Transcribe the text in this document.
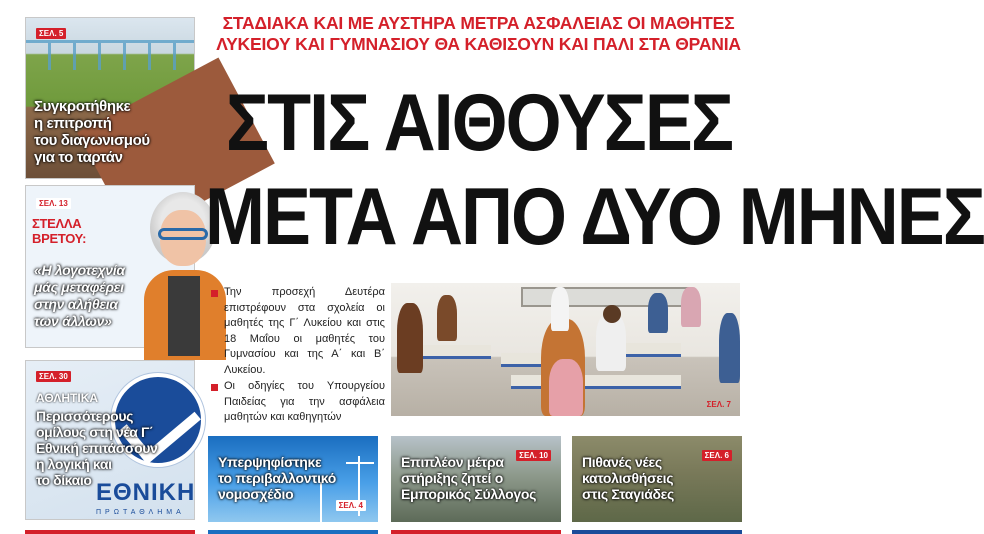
ΣΕΛ. 5
Συγκροτήθηκε
η επιτροπή
του διαγωνισμού
για το ταρτάν
ΣΕΛ. 13
ΣΤΕΛΛΑ
ΒΡΕΤΟΥ:
«Η λογοτεχνία
μάς μεταφέρει
στην αλήθεια
των άλλων»
ΕΘΝΙΚΗ
ΠΡΩΤΑΘΛΗΜΑ
ΣΕΛ. 30
ΑΘΛΗΤΙΚΑ
Περισσότερους
ομίλους στη νέα Γ΄
Εθνική επιτάσσουν
η λογική και
το δίκαιο
ΣΤΑΔΙΑΚΑ ΚΑΙ ΜΕ ΑΥΣΤΗΡΑ ΜΕΤΡΑ ΑΣΦΑΛΕΙΑΣ ΟΙ ΜΑΘΗΤΕΣ
ΛΥΚΕΙΟΥ ΚΑΙ ΓΥΜΝΑΣΙΟΥ ΘΑ ΚΑΘΙΣΟΥΝ ΚΑΙ ΠΑΛΙ ΣΤΑ ΘΡΑΝΙΑ
ΣΤΙΣ ΑΙΘΟΥΣΕΣ
ΜΕΤΑ ΑΠΟ ΔΥΟ ΜΗΝΕΣ

Την προσεχή Δευτέρα επιστρέφουν στα σχολεία οι μαθητές της Γ΄ Λυκείου και στις 18 Μαΐου οι μαθητές του Γυμνασίου και της Α΄ και Β΄ Λυκείου.

Οι οδηγίες του Υπουργείου Παιδείας για την ασφάλεια μαθητών και καθηγητών

ΣΕΛ. 7
ΣΕΛ. 4
Υπερψηφίστηκε
το περιβαλλοντικό
νομοσχέδιο
ΣΕΛ. 10
Επιπλέον μέτρα
στήριξης ζητεί ο
Εμπορικός Σύλλογος
ΣΕΛ. 6
Πιθανές νέες
κατολισθήσεις
στις Σταγιάδες
